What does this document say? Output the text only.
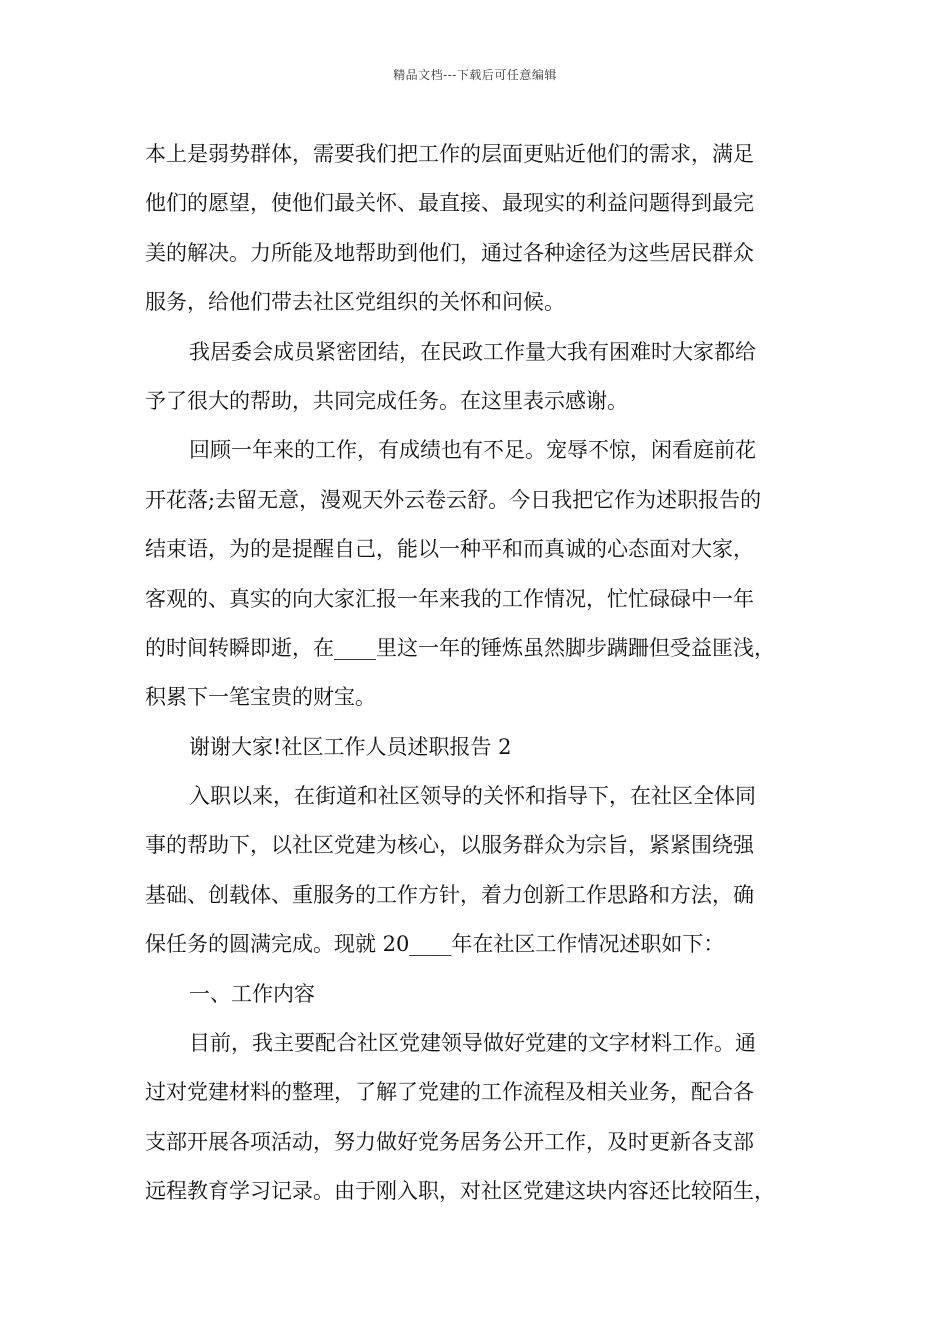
精品文档---下载后可任意编辑
本上是弱势群体，需要我们把工作的层面更贴近他们的需求，满足
他们的愿望，使他们最关怀、最直接、最现实的利益问题得到最完
美的解决。力所能及地帮助到他们，通过各种途径为这些居民群众
服务，给他们带去社区党组织的关怀和问候。
我居委会成员紧密团结，在民政工作量大我有困难时大家都给
予了很大的帮助，共同完成任务。在这里表示感谢。
回顾一年来的工作，有成绩也有不足。宠辱不惊，闲看庭前花
开花落;去留无意，漫观天外云卷云舒。今日我把它作为述职报告的
结束语，为的是提醒自己，能以一种平和而真诚的心态面对大家，
客观的、真实的向大家汇报一年来我的工作情况，忙忙碌碌中一年
的时间转瞬即逝，在____里这一年的锤炼虽然脚步蹒跚但受益匪浅，
积累下一笔宝贵的财宝。
谢谢大家!社区工作人员述职报告 2
入职以来，在街道和社区领导的关怀和指导下，在社区全体同
事的帮助下，以社区党建为核心，以服务群众为宗旨，紧紧围绕强
基础、创载体、重服务的工作方针，着力创新工作思路和方法，确
保任务的圆满完成。现就 20____年在社区工作情况述职如下：
一、工作内容
目前，我主要配合社区党建领导做好党建的文字材料工作。通
过对党建材料的整理，了解了党建的工作流程及相关业务，配合各
支部开展各项活动，努力做好党务居务公开工作，及时更新各支部
远程教育学习记录。由于刚入职，对社区党建这块内容还比较陌生，
